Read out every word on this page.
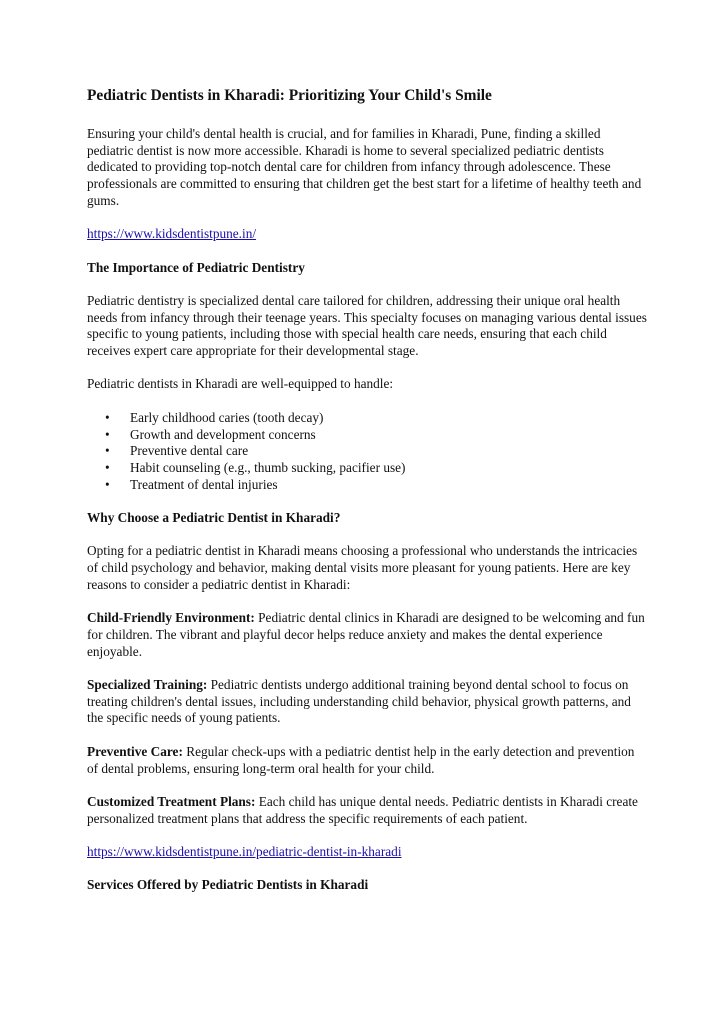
Pediatric Dentists in Kharadi: Prioritizing Your Child's Smile

Ensuring your child's dental health is crucial, and for families in Kharadi, Pune, finding a skilled pediatric dentist is now more accessible. Kharadi is home to several specialized pediatric dentists dedicated to providing top-notch dental care for children from infancy through adolescence. These professionals are committed to ensuring that children get the best start for a lifetime of healthy teeth and gums.

https://www.kidsdentistpune.in/

The Importance of Pediatric Dentistry

Pediatric dentistry is specialized dental care tailored for children, addressing their unique oral health needs from infancy through their teenage years. This specialty focuses on managing various dental issues specific to young patients, including those with special health care needs, ensuring that each child receives expert care appropriate for their developmental stage.

Pediatric dentists in Kharadi are well-equipped to handle:

• Early childhood caries (tooth decay)
• Growth and development concerns
• Preventive dental care
• Habit counseling (e.g., thumb sucking, pacifier use)
• Treatment of dental injuries
Why Choose a Pediatric Dentist in Kharadi?

Opting for a pediatric dentist in Kharadi means choosing a professional who understands the intricacies of child psychology and behavior, making dental visits more pleasant for young patients. Here are key reasons to consider a pediatric dentist in Kharadi:

Child-Friendly Environment: Pediatric dental clinics in Kharadi are designed to be welcoming and fun for children. The vibrant and playful decor helps reduce anxiety and makes the dental experience enjoyable.

Specialized Training: Pediatric dentists undergo additional training beyond dental school to focus on treating children's dental issues, including understanding child behavior, physical growth patterns, and the specific needs of young patients.

Preventive Care: Regular check-ups with a pediatric dentist help in the early detection and prevention of dental problems, ensuring long-term oral health for your child.

Customized Treatment Plans: Each child has unique dental needs. Pediatric dentists in Kharadi create personalized treatment plans that address the specific requirements of each patient.

https://www.kidsdentistpune.in/pediatric-dentist-in-kharadi

Services Offered by Pediatric Dentists in Kharadi
